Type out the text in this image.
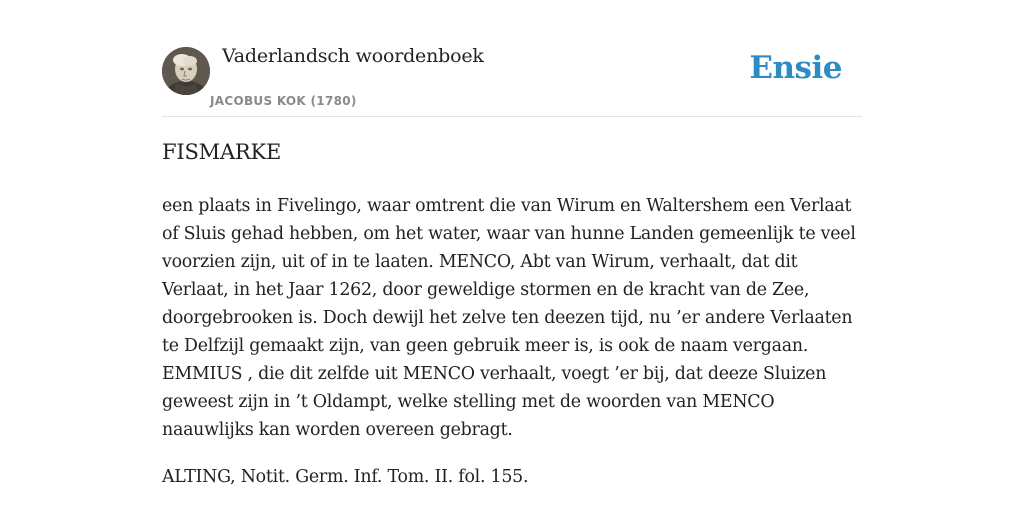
Vaderlandsch woordenboek
JACOBUS KOK (1780)
Ensie
FISMARKE

een plaats in Fivelingo, waar omtrent die van Wirum en Waltershem een Verlaat of Sluis gehad hebben, om het water, waar van hunne Landen gemeenlijk te veel voorzien zijn, uit of in te laaten. MENCO, Abt van Wirum, verhaalt, dat dit Verlaat, in het Jaar 1262, door geweldige stormen en de kracht van de Zee, doorgebrooken is. Doch dewijl het zelve ten deezen tijd, nu ’er andere Verlaaten te Delfzijl gemaakt zijn, van geen gebruik meer is, is ook de naam vergaan. EMMIUS , die dit zelfde uit MENCO verhaalt, voegt ’er bij, dat deeze Sluizen geweest zijn in ’t Oldampt, welke stelling met de woorden van MENCO naauwlijks kan worden overeen gebragt.

ALTING, Notit. Germ. Inf. Tom. II. fol. 155.
